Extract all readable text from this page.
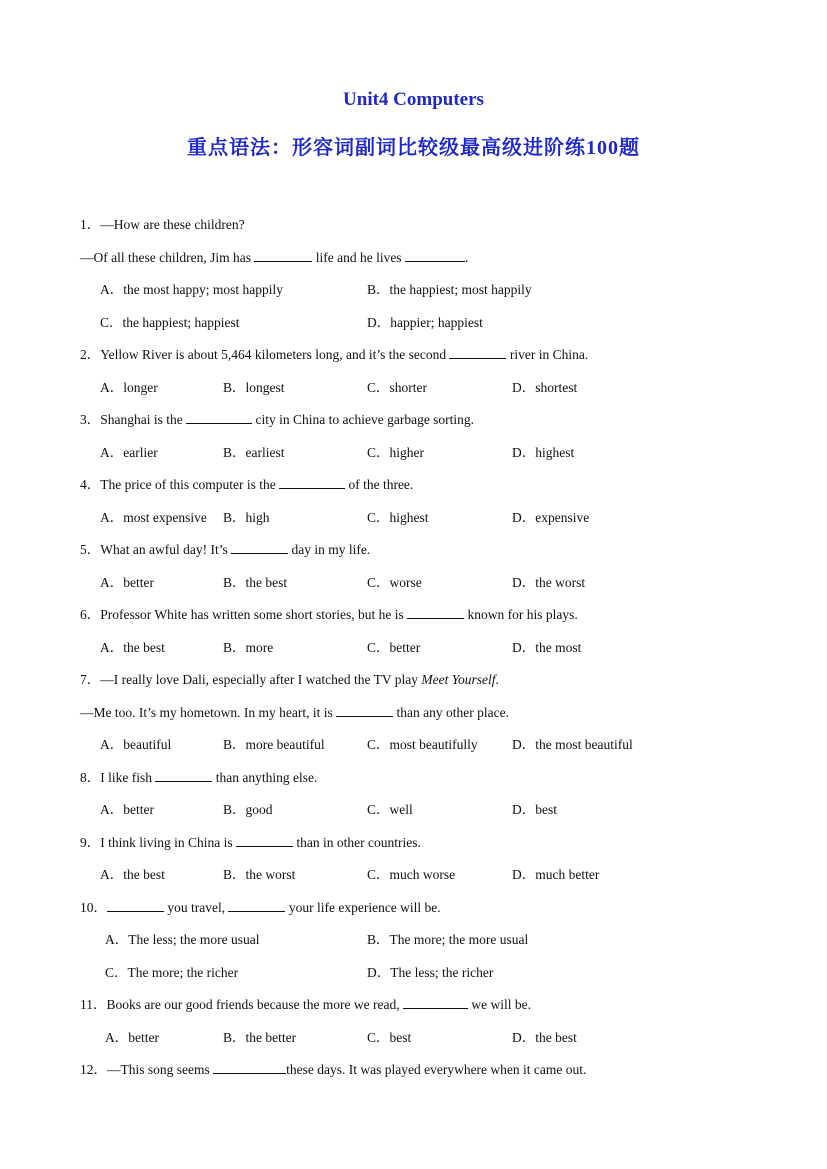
Unit4 Computers
重点语法：形容词副词比较级最高级进阶练100题
1．—How are these children?
—Of all these children, Jim has	life and he lives	.
A．the most happy; most happily	B．the happiest; most happily
C．the happiest; happiest	D．happier; happiest
2．Yellow River is about 5,464 kilometers long, and it’s the second	river in China.
A．longer	B．longest	C．shorter	D．shortest
3．Shanghai is the	city in China to achieve garbage sorting.
A．earlier	B．earliest	C．higher	D．highest
4．The price of this computer is the	of the three.
A．most expensive B．high	C．highest	D．expensive
5．What an awful day! It’s	day in my life.
A．better	B．the best	C．worse	D．the worst
6．Professor White has written some short stories, but he is	known for his plays.
A．the best	B．more	C．better	D．the most
7．—I really love Dali, especially after I watched the TV play Meet Yourself.
—Me too. It’s my hometown. In my heart, it is	than any other place.
A．beautiful	B．more beautiful	C．most beautifully	D．the most beautiful
8．I like fish	than anything else.
A．better	B．good	C．well	D．best
9．I think living in China is	than in other countries.
A．the best	B．the worst	C．much worse	D．much better
10．	you travel,	your life experience will be.
A．The less; the more usual	B．The more; the more usual
C．The more; the richer	D．The less; the richer
11．Books are our good friends because the more we read,	we will be.
A．better	B．the better	C．best	D．the best
12．—This song seems	these days. It was played everywhere when it came out.
